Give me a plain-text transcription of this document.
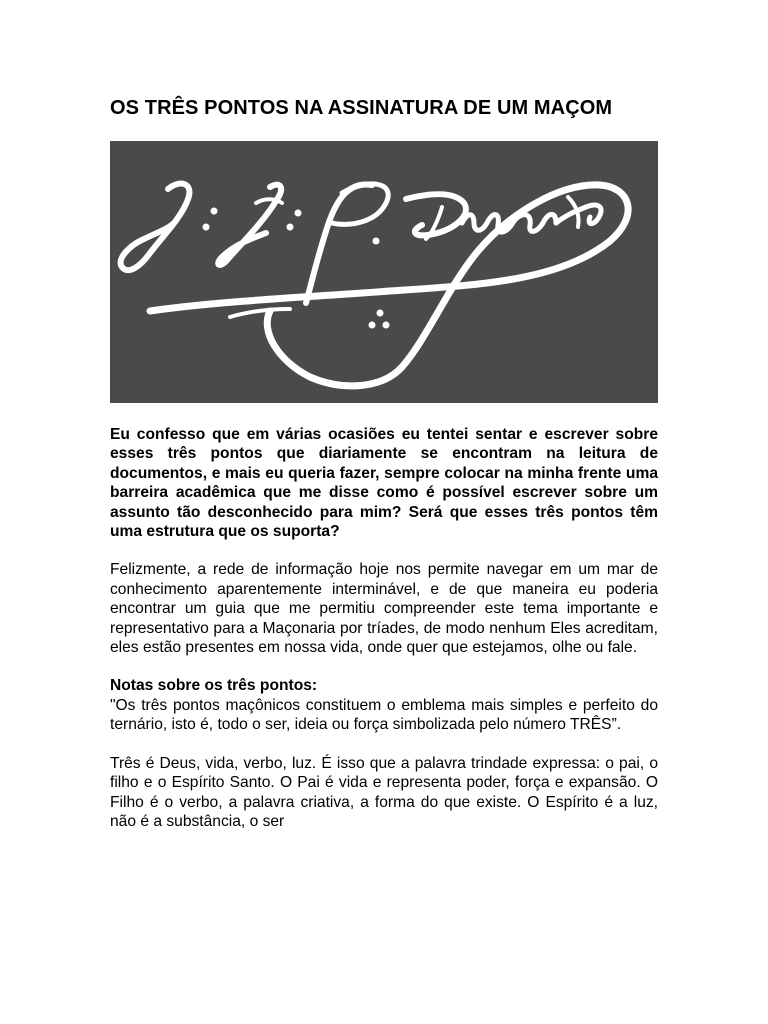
OS TRÊS PONTOS NA ASSINATURA DE UM MAÇOM

Eu confesso que em várias ocasiões eu tentei sentar e escrever sobre esses três pontos que diariamente se encontram na leitura de documentos, e mais eu queria fazer, sempre colocar na minha frente uma barreira acadêmica que me disse como é possível escrever sobre um assunto tão desconhecido para mim? Será que esses três pontos têm uma estrutura que os suporta?

Felizmente, a rede de informação hoje nos permite navegar em um mar de conhecimento aparentemente interminável, e de que maneira eu poderia encontrar um guia que me permitiu compreender este tema importante e representativo para a Maçonaria por tríades, de modo nenhum Eles acreditam, eles estão presentes em nossa vida, onde quer que estejamos, olhe ou fale.

Notas sobre os três pontos:

"Os três pontos maçônicos constituem o emblema mais simples e perfeito do ternário, isto é, todo o ser, ideia ou força simbolizada pelo número TRÊS”.

Três é Deus, vida, verbo, luz. É isso que a palavra trindade expressa: o pai, o filho e o Espírito Santo. O Pai é vida e representa poder, força e expansão. O Filho é o verbo, a palavra criativa, a forma do que existe. O Espírito é a luz, não é a substância, o ser
